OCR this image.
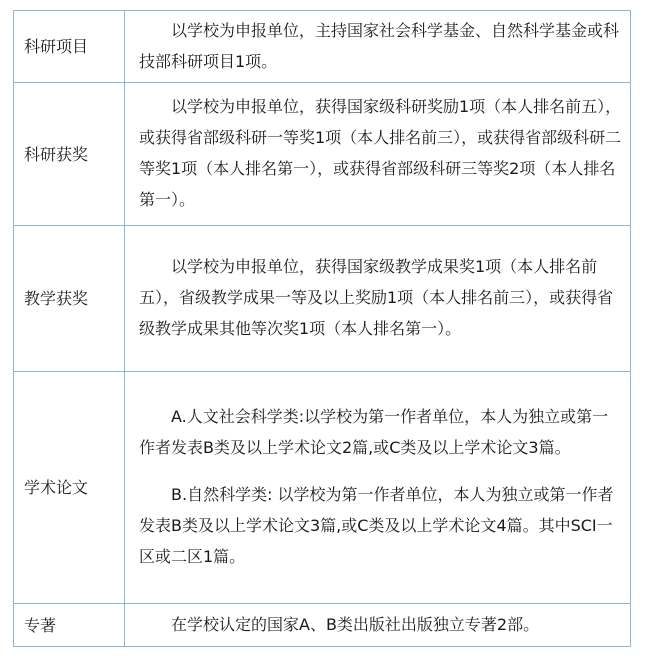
科研项目	以学校为申报单位，主持国家社会科学基金、自然科学基金或科技部科研项目1项。

科研获奖	以学校为申报单位，获得国家级科研奖励1项（本人排名前五），或获得省部级科研一等奖1项（本人排名前三），或获得省部级科研二等奖1项（本人排名第一），或获得省部级科研三等奖2项（本人排名第一）。

教学获奖	以学校为申报单位，获得国家级教学成果奖1项（本人排名前五），省级教学成果一等及以上奖励1项（本人排名前三），或获得省级教学成果其他等次奖1项（本人排名第一）。

学术论文	A.人文社会科学类:以学校为第一作者单位，本人为独立或第一作者发表B类及以上学术论文2篇,或C类及以上学术论文3篇。

B.自然科学类: 以学校为第一作者单位，本人为独立或第一作者发表B类及以上学术论文3篇,或C类及以上学术论文4篇。其中SCI一区或二区1篇。

专著	在学校认定的国家A、B类出版社出版独立专著2部。
